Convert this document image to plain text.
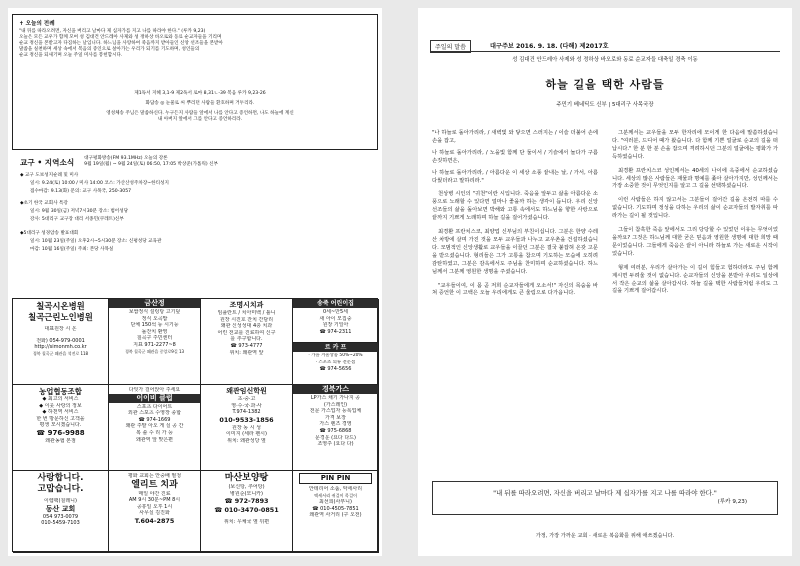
✝ 오늘의 전례
"내 뒤를 따라오려면, 자신을 버리고 날마다 제 십자가를 지고 나를 따라야 한다." (루카 9,23)
오늘은 모든 교우가 함께 모여 성 김대건 안드레아 사제와 성 정하상 바오로와 동료 순교자들을 기리며
순교 정신을 본받고자 다짐하는 날입니다. 하느님을 사랑하여 죽음까지 받아들인 신앙 선조들을 본받아
말씀을 실천하며 세상 속에서 복음의 증인으로 살아가는 우리가 되기를 기도하며, 성인들의
순교 정신을 되새기며 오늘 주일 미사를 봉헌합시다.
제1독서 지혜 3,1-9 제2독서 로마 8,31ㄴ-39 복음 루카 9,23-26
화답송 ◎ 눈물로 씨 뿌리던 사람들 환호하며 거두리라.
영성체송 주님은 말씀하신다. 누구든지 사람들 앞에서 나를 안다고 증언하면, 나도 하늘에 계신
내 아버지 앞에서 그를 안다고 증언하리라.
교구 • 지역소식 대구평화방송(FM 93.1MHz) 오늘의 강론
9월 19일(월) ~ 9월 24일(토) 06:50, 17:05 박상준(가톨릭) 신부
◆ 교구 도보성지순례 및 미사
일시: 9.24(토) 10:00 / 미사 14:00 코스: 가산산성주차장~한티성지
접수마감: 9.13(화) 문의: 교구 사목국, 250-3057
◆초기 한국 교회사 특강
일시: 9월 30일(금) 저녁7시30분 장소: 범어성당
강사: 5대리구 교구장 대리 서종민(쿠레트)신부
◆5대리구 성경암송 발표대회
일시: 10월 23일(주일) 오후2시~5시30분 장소: 신평성당 교육관
마감: 10월 16일(주일) 주최: 본당 사목실
칠곡시온병원
칠곡근린노인병원
대표원장 시 온
전화) 054-979-0001
http://simonmh.co.kr
경북 칠곡군 왜관읍 석전로 118
금산정
보쌈정식 설렁탕 고기덮
정식 오곡밥
단체 150석 등 시기능
돌잔치 환영
칠곡구 주민센터
지표 971-2277~8
경북 칠곡군 왜관읍 중앙로9길 13
조명시치과
임플란트 / 치아미백 / 틀니
원장 시진호 잔치 간담리
왜관 신성성대 4층 치과
어린 전교를 진료하여 신구
를 추구합니다.
☎ 973-4777
위치: 왜관역 앞
송죽 어린이집
0세~만5세
새 아이 모집중
원장 기일아
☎ 974-2311
르 카 프
· 가을 겨울상품 50%~20%
· 스포츠 의류 전문점
☎ 974-5656
농업협동조합
◆ 최고의 서비스
◆ 이웃 사랑의 정보
◆ 하천역 서비스
한 번 방문하신 고객을
평생 모시겠습니다.
☎ 976-9988
왜관농협 본점
다잇가 걸어앉아 주세요
이이비 클럽
스포츠 다이어트
외관 스포츠 수영장 종합
☎ 974-1669
왜관 주말 아오 게 실 공 간
복 솔 수 리 가 능
왜관역 앞 맞은편
왜관임신학원
초·중·고
영·수·국·과·사
T.974-1382
010-9533-1856
원장 동 시 성
이미지 (세라 펜시)
위치: 왜관성당 옆
경북가스
LP가스 채기 가나지 공
(가스레인)
전문 가스업자 등록업체
가격 보장
가스 렌즈 경영
☎ 975-6868
문경운 (요다 다드)
조영주 (요다 다)
사랑합니다.
고맙습니다.
이렘팩(칠레니)
동산 교회
054 973-0079
010-5459-7103
평화 교회는 안중배 필청
엘리트 치과
매일 야간 진료
AM 9시 30분~PM 8시
공휴일 오후 1시
사무실 김진화
T.604-2875
마산보양탕
(보신탕, 추어탕)
병원순(모니카)
☎ 972-7893
☎ 010-3470-0851
위치: 우체국 옆 뒤편
PIN PIN
안테리어 소품, 악세사리
액세서리 귀걸이 목걸이
최선희(사부니)
☎ 010-4505-7851
왜관역 사거리 (구 오전)
주일의 말씀	대구주보 2016. 9. 18. (다해) 제2017호
성 김대건 안드레아 사제와 성 정하상 바오로와 동료 순교자들 대축일 경축 이동
하늘 길을 택한 사람들
주민기 베네딕도 신부 | 5대리구 사목국장

"나 하늘로 돌아가리라, / 새벽빛 와 닿으면 스러지는 / 이슬 더불어 손에 손을 잡고,

나 하늘로 돌아가리라, / 노을빛 함께 단 둘이서 / 기슭에서 놀다가 구름 손짓하면은,

나 하늘로 돌아가리라, / 아름다운 이 세상 소풍 끝내는 날, / 가서, 아름다웠더라고 말하리라."

천상병 시인의 "귀천"이란 시입니다. 죽음을 앞두고 삶을 아름다운 소풍으로 노래할 수 있다면 얼마나 좋을까 하는 생각이 듭니다. 우리 신앙 선조들의 삶을 돌아보면 박해와 고통 속에서도 하느님을 향한 사랑으로 끝까지 기쁘게 노래하며 하늘 길을 걸어가셨습니다.

최경환 프란치스코, 최양업 신부님의 부친이십니다. 그분은 한양 수레산 차방에 살며 가진 것을 모두 교우들과 나누고 교우촌을 건설하셨습니다. 모범적인 신앙생활로 교우들을 이끌던 그분은 결국 붙잡혀 온갖 고문을 받으셨습니다. 형리들은 그가 고통을 참으며 기도하는 모습에 오히려 감탄하였고, 그분은 감옥에서도 주님을 찬미하며 순교하셨습니다. 하느님께서 그분께 영원한 생명을 주셨습니다.

"교우들이여, 이 몸 곧 저희 순교자들에게 오소서!" 자신의 목숨을 바쳐 증언한 이 고백은 오늘 우리에게도 큰 울림으로 다가옵니다.

그분께서는 교우들을 모두 한자리에 모이게 한 다음에 말씀하셨습니다. "여러분, 드디어 때가 왔습니다. 다 함께 기쁜 얼굴로 순교의 길을 떠납시다." 한 분 한 분 손을 잡으며 격려하시던 그분의 얼굴에는 평화가 가득하였습니다.

최경환 프란치스코 성인께서는 40세의 나이에 옥중에서 순교하셨습니다. 세상의 많은 사람들은 재물과 명예를 좇아 살아가지만, 성인께서는 가장 소중한 것이 무엇인지를 알고 그 길을 선택하셨습니다.

이런 사람들은 하지 않고서는 그분들이 걸어간 길을 온전히 따를 수 없습니다. 기도하며 정성을 다하는 우리의 삶이 순교자들의 발자취를 따라가는 길이 될 것입니다.

그들이 참혹한 죽음 앞에서도 그리 당당할 수 있었던 이유는 무엇이었을까요? 그것은 하느님께 대한 굳은 믿음과 영원한 생명에 대한 희망 때문이었습니다. 그들에게 죽음은 끝이 아니라 하늘로 가는 새로운 시작이었습니다.

형제 여러분, 우리가 살아가는 이 길이 힘들고 험하더라도 주님 함께 계시면 두려울 것이 없습니다. 순교자들의 신앙을 본받아 우리도 일상에서 작은 순교의 삶을 살아갑시다. 하늘 길을 택한 사람들처럼 우리도 그 길을 기쁘게 걸어갑시다.

"내 뒤를 따라오려면, 자신을 버리고 날마다 제 십자가를 지고 나를 따라야 한다."
(루카 9,23)
가정, 가장 가까운 교회 · 새로운 복음화를 위해 애쓰겠습니다.
